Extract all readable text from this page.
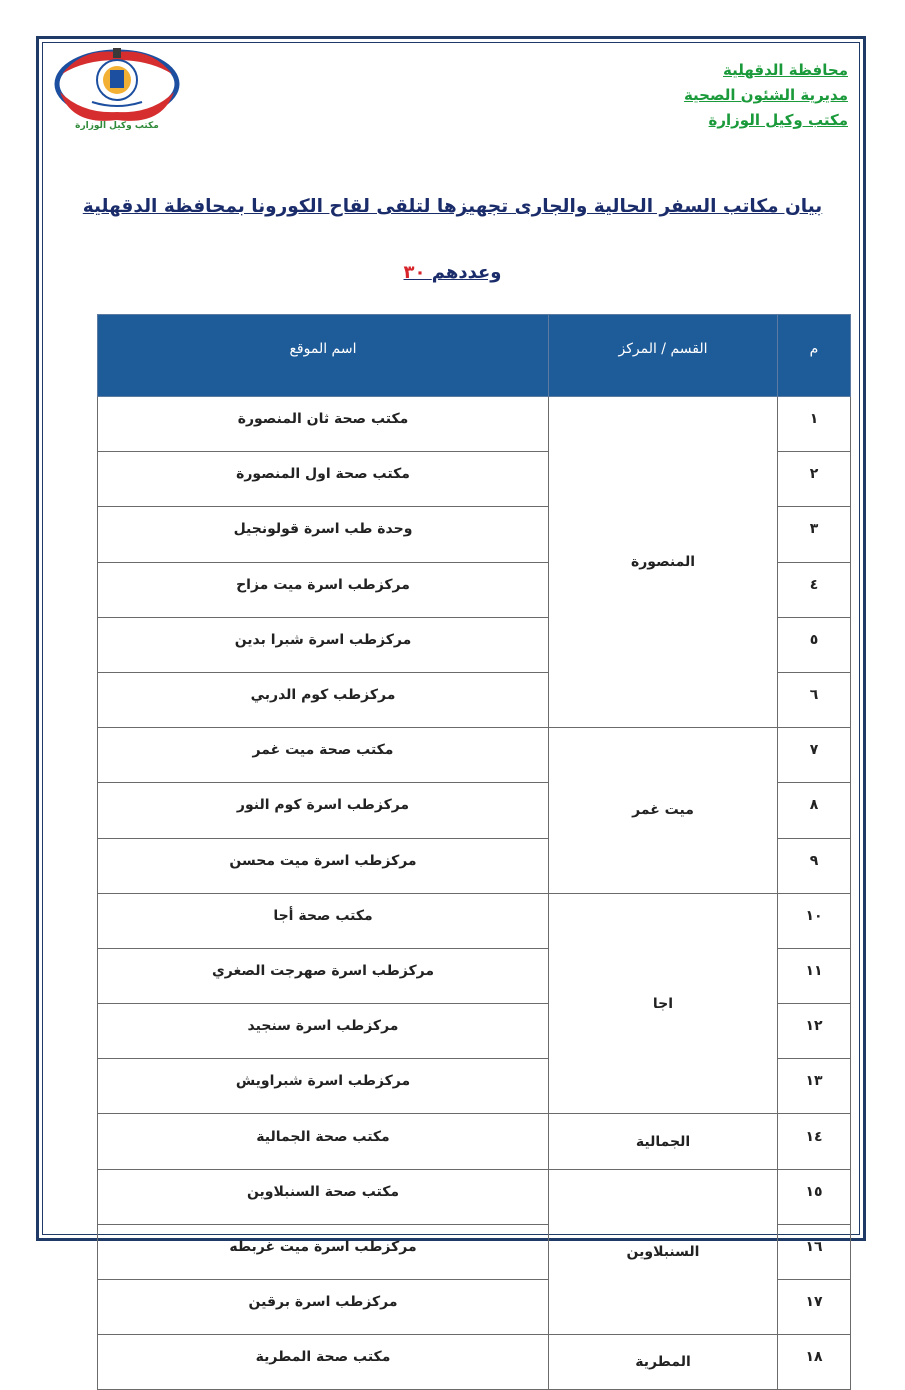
مكتب وكيل الوزارة
محافظة الدقهلية
مديرية الشئون الصحية
مكتب وكيل الوزارة
بيان مكاتب السفر الحالية والجارى تجهيزها لتلقى لقاح الكورونا بمحافظة الدقهلية
وعددهم ٣٠
م	القسم / المركز	اسم الموقع
١	المنصورة	مكتب صحة ثان المنصورة
٢		مكتب صحة اول المنصورة
٣		وحدة طب اسرة قولونجيل
٤		مركزطب اسرة ميت مزاح
٥		مركزطب اسرة شبرا بدين
٦		مركزطب كوم الدربي
٧	ميت غمر	مكتب صحة ميت غمر
٨		مركزطب اسرة كوم النور
٩		مركزطب اسرة ميت محسن
١٠	اجا	مكتب صحة أجا
١١		مركزطب اسرة صهرجت الصغري
١٢		مركزطب اسرة سنجيد
١٣		مركزطب اسرة شبراويش
١٤	الجمالية	مكتب صحة الجمالية
١٥	السنبلاوين	مكتب صحة السنبلاوين
١٦		مركزطب اسرة ميت غربطه
١٧		مركزطب اسرة برقين
١٨	المطرية	مكتب صحة المطرية
